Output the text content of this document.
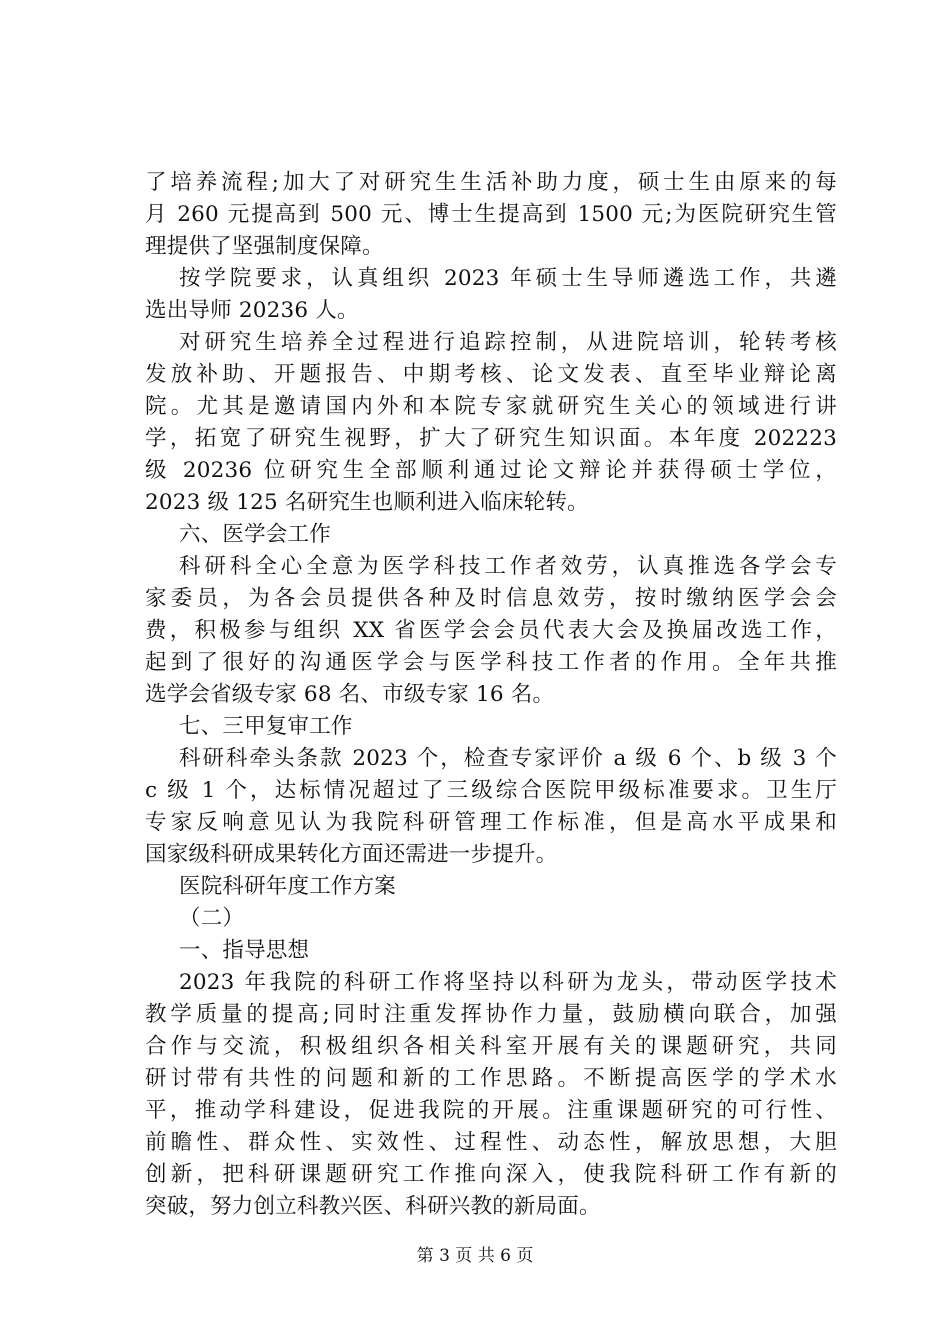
了培养流程;加大了对研究生生活补助力度，硕士生由原来的每
月 260 元提高到 500 元、博士生提高到 1500 元;为医院研究生管
理提供了坚强制度保障。
按学院要求，认真组织 2023 年硕士生导师遴选工作，共遴
选出导师 20236 人。
对研究生培养全过程进行追踪控制，从进院培训，轮转考核
发放补助、开题报告、中期考核、论文发表、直至毕业辩论离
院。尤其是邀请国内外和本院专家就研究生关心的领域进行讲
学，拓宽了研究生视野，扩大了研究生知识面。本年度 202223
级 20236 位研究生全部顺利通过论文辩论并获得硕士学位，
2023 级 125 名研究生也顺利进入临床轮转。
六、医学会工作
科研科全心全意为医学科技工作者效劳，认真推选各学会专
家委员，为各会员提供各种及时信息效劳，按时缴纳医学会会
费，积极参与组织 XX 省医学会会员代表大会及换届改选工作，
起到了很好的沟通医学会与医学科技工作者的作用。全年共推
选学会省级专家 68 名、市级专家 16 名。
七、三甲复审工作
科研科牵头条款 2023 个，检查专家评价 a 级 6 个、b 级 3 个
c 级 1 个，达标情况超过了三级综合医院甲级标准要求。卫生厅
专家反响意见认为我院科研管理工作标准，但是高水平成果和
国家级科研成果转化方面还需进一步提升。
医院科研年度工作方案
（二）
一、指导思想
2023 年我院的科研工作将坚持以科研为龙头，带动医学技术
教学质量的提高;同时注重发挥协作力量，鼓励横向联合，加强
合作与交流，积极组织各相关科室开展有关的课题研究，共同
研讨带有共性的问题和新的工作思路。不断提高医学的学术水
平，推动学科建设，促进我院的开展。注重课题研究的可行性、
前瞻性、群众性、实效性、过程性、动态性，解放思想，大胆
创新，把科研课题研究工作推向深入，使我院科研工作有新的
突破，努力创立科教兴医、科研兴教的新局面。
第 3 页 共 6 页
